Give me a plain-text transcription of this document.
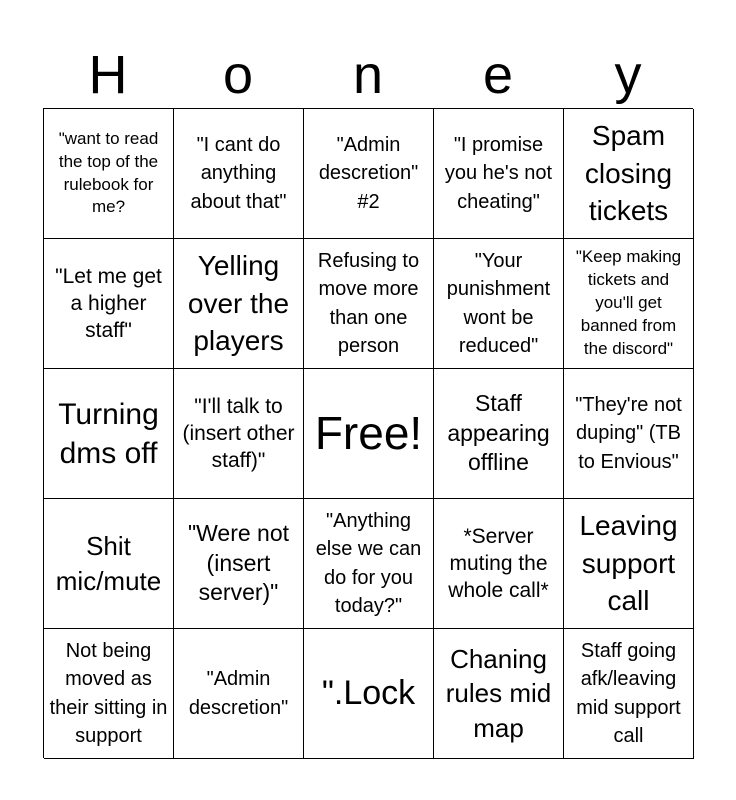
H	o	n	e	y
"want to read the top of the rulebook for me?
"I cant do anything about that"
"Admin descretion" #2
"I promise you he's not cheating"
Spam closing tickets
"Let me get a higher staff"
Yelling over the players
Refusing to move more than one person
"Your punishment wont be reduced"
"Keep making tickets and you'll get banned from the discord"
Turning dms off
"I'll talk to (insert other staff)"
Free!
Staff appearing offline
"They're not duping" (TB to Envious"
Shit mic/mute
"Were not (insert server)"
"Anything else we can do for you today?"
*Server muting the whole call*
Leaving support call
Not being moved as their sitting in support
"Admin descretion" ".Lock
Chaning rules mid map
Staff going afk/leaving mid support call
